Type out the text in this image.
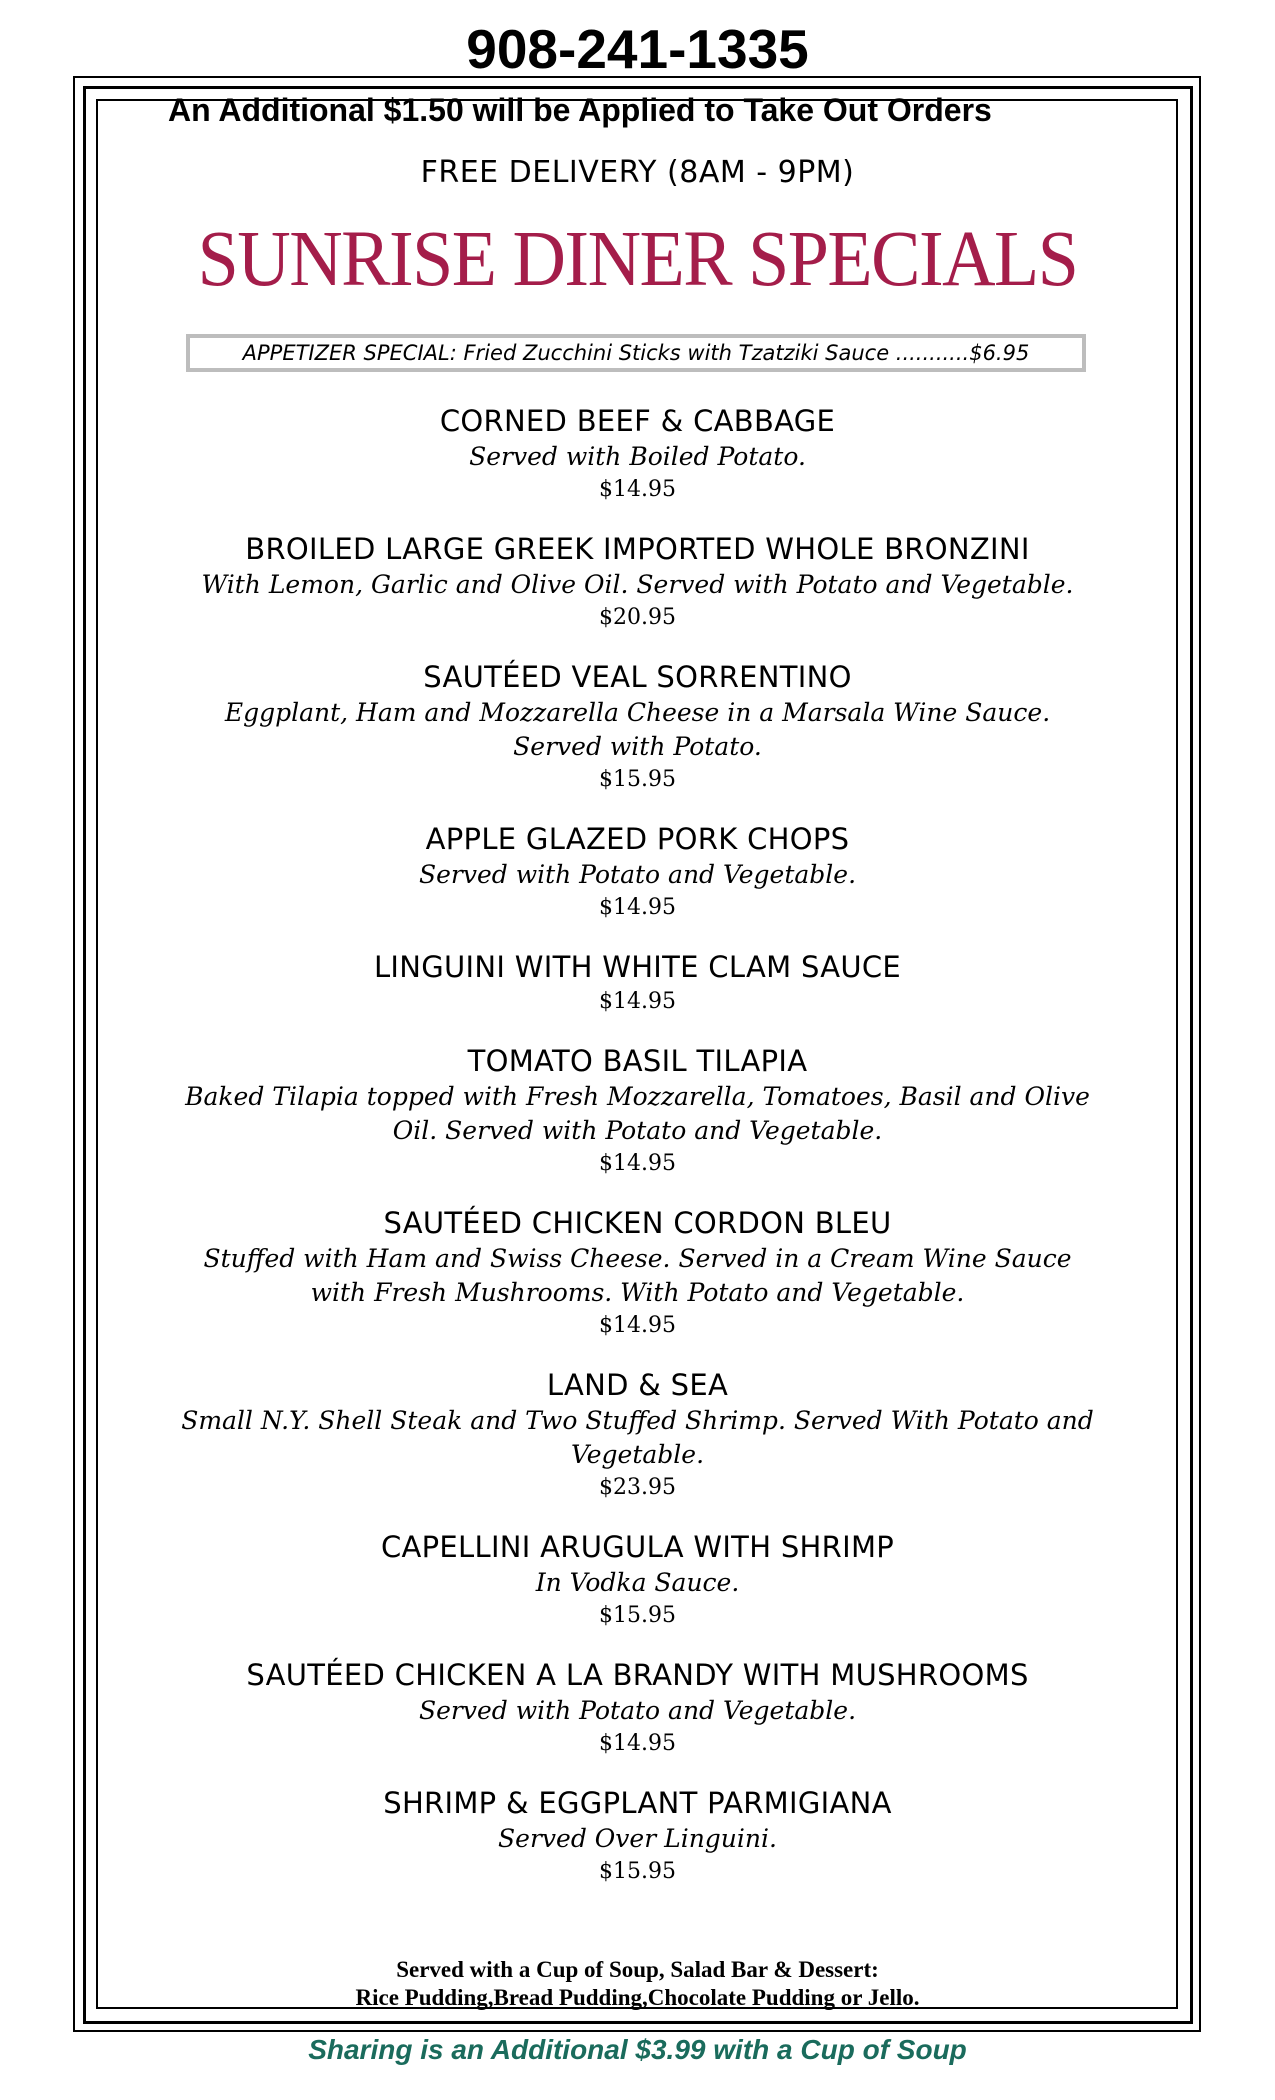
908-241-1335
An Additional $1.50 will be Applied to Take Out Orders
FREE DELIVERY (8AM - 9PM)
SUNRISE DINER SPECIALS
APPETIZER SPECIAL: Fried Zucchini Sticks with Tzatziki Sauce ...........$6.95
CORNED BEEF & CABBAGE
Served with Boiled Potato.
$14.95
BROILED LARGE GREEK IMPORTED WHOLE BRONZINI
With Lemon, Garlic and Olive Oil. Served with Potato and Vegetable.
$20.95
SAUTÉED VEAL SORRENTINO
Eggplant, Ham and Mozzarella Cheese in a Marsala Wine Sauce. Served with Potato.
$15.95
APPLE GLAZED PORK CHOPS
Served with Potato and Vegetable.
$14.95
LINGUINI WITH WHITE CLAM SAUCE
$14.95
TOMATO BASIL TILAPIA
Baked Tilapia topped with Fresh Mozzarella, Tomatoes, Basil and Olive Oil. Served with Potato and Vegetable.
$14.95
SAUTÉED CHICKEN CORDON BLEU
Stuffed with Ham and Swiss Cheese. Served in a Cream Wine Sauce with Fresh Mushrooms. With Potato and Vegetable.
$14.95
LAND & SEA
Small N.Y. Shell Steak and Two Stuffed Shrimp. Served With Potato and Vegetable.
$23.95
CAPELLINI ARUGULA WITH SHRIMP
In Vodka Sauce.
$15.95
SAUTÉED CHICKEN A LA BRANDY WITH MUSHROOMS
Served with Potato and Vegetable.
$14.95
SHRIMP & EGGPLANT PARMIGIANA
Served Over Linguini.
$15.95
Served with a Cup of Soup, Salad Bar & Dessert:
Rice Pudding,Bread Pudding,Chocolate Pudding or Jello.
Sharing is an Additional $3.99 with a Cup of Soup
